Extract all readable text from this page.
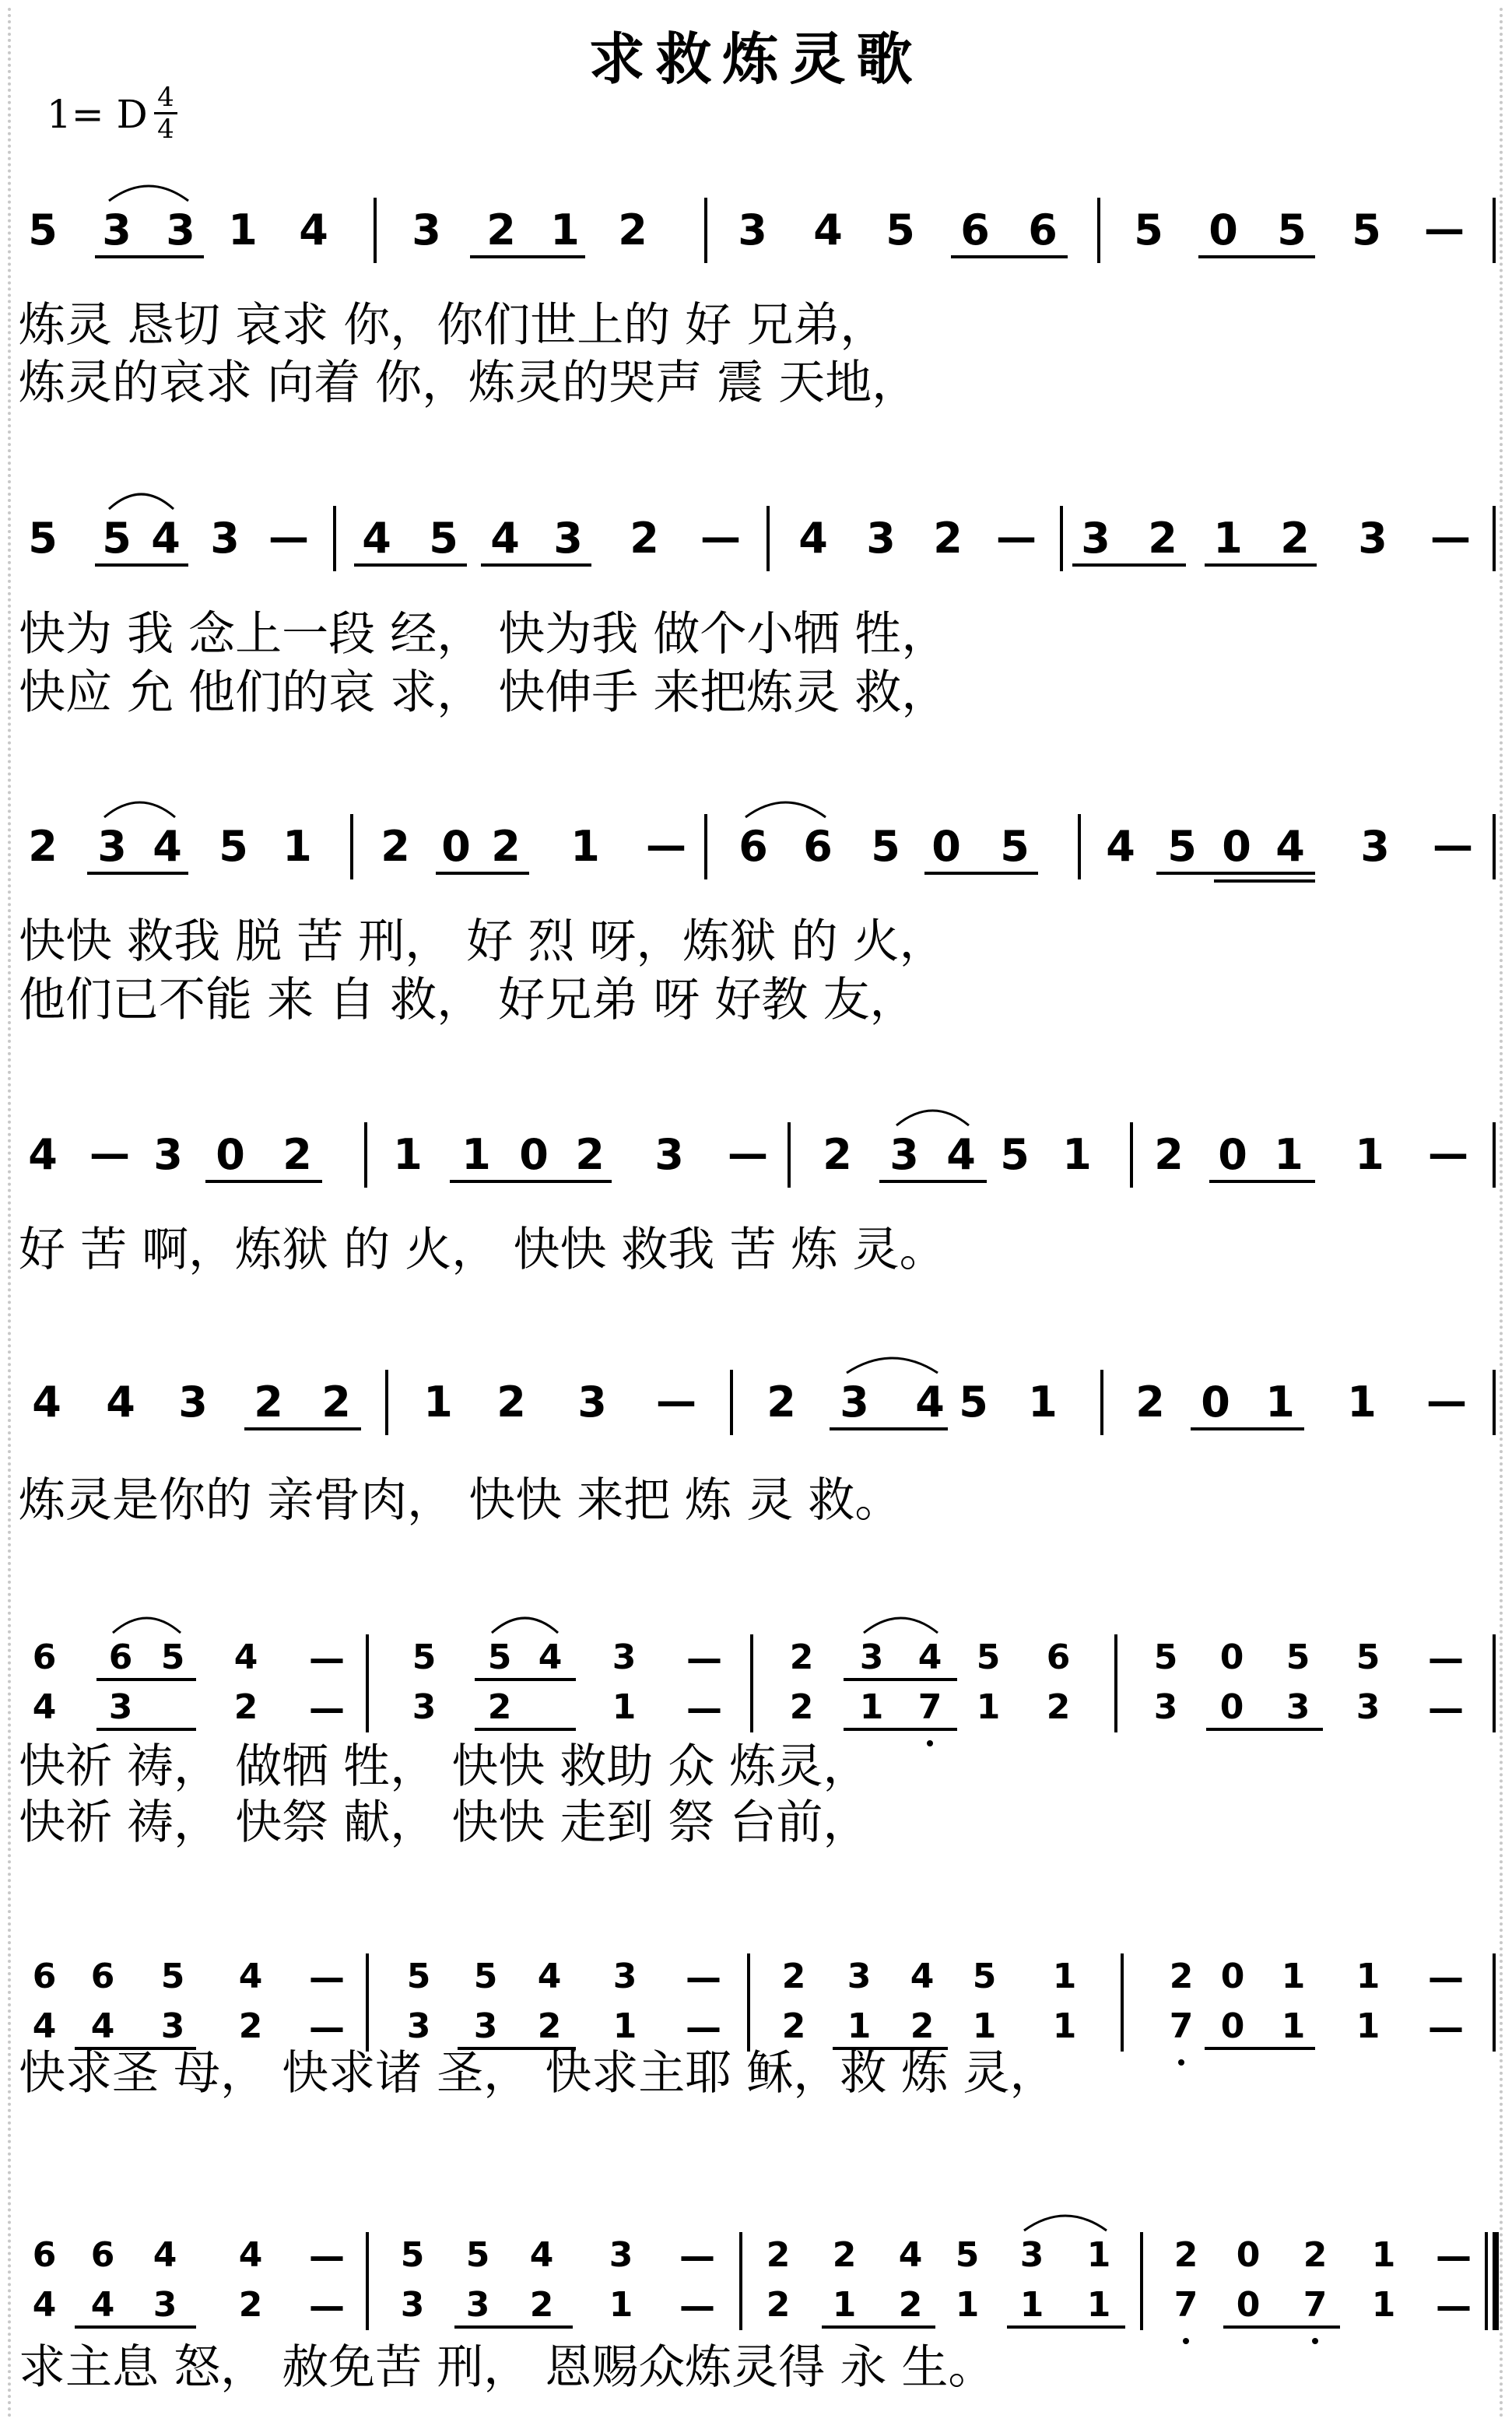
求救炼灵歌
1= D 4
4
5 3 3 1 4 3 2 1 2 3 4 5 6 6 5 0 5 5 —
炼灵 恳切 哀求 你，你们世上的 好 兄弟，
炼灵的哀求 向着 你，炼灵的哭声 震 天地，
5 5 4 3 — 4 5 4 3 2 — 4 3 2 — 3 2 1 2 3 —
快为 我 念上一段 经， 快为我 做个小牺 牲，
快应 允 他们的哀 求， 快伸手 来把炼灵 救，
2 3 4 5 1 2 0 2 1 — 6 6 5 0 5 4 5 0 4 3 —
快快 救我 脱 苦 刑， 好 烈 呀，炼狱 的 火，
他们已不能 来 自 救， 好兄弟 呀 好教 友，
4 — 3 0 2 1 1 0 2 3 — 2 3 4 5 1 2 0 1 1 —
好 苦 啊，炼狱 的 火， 快快 救我 苦 炼 灵。
4 4 3 2 2 1 2 3 — 2 3 4 5 1 2 0 1 1 —
炼灵是你的 亲骨肉， 快快 来把 炼 灵 救。
6 6 5 4 — 5 5 4 3 — 2 3 4 5 6 5 0 5 5 —
4 3	2 — 3 2	1 — 2 1 7 1 2 3 0 3 3 —
快祈 祷， 做牺 牲， 快快 救助 众 炼灵，
快祈 祷， 快祭 献， 快快 走到 祭 台前，
6 6 5 4 — 5 5 4 3 — 2 3 4 5 1	2 0 1 1 —
4 4 3 2 — 3 3 2 1 — 2 1 2 1 1	7 0 1 1 —
快求圣 母， 快求诸 圣， 快求主耶 稣，救 炼 灵，
6 6 4 4 — 5 5 4 3 — 2 2 4 5 3 1 2 0 2 1 —
4 4 3 2 — 3 3 2 1 — 2 1 2 1 1 1 7 0 7 1 —
求主息 怒， 赦免苦 刑， 恩赐众炼灵得 永 生。
